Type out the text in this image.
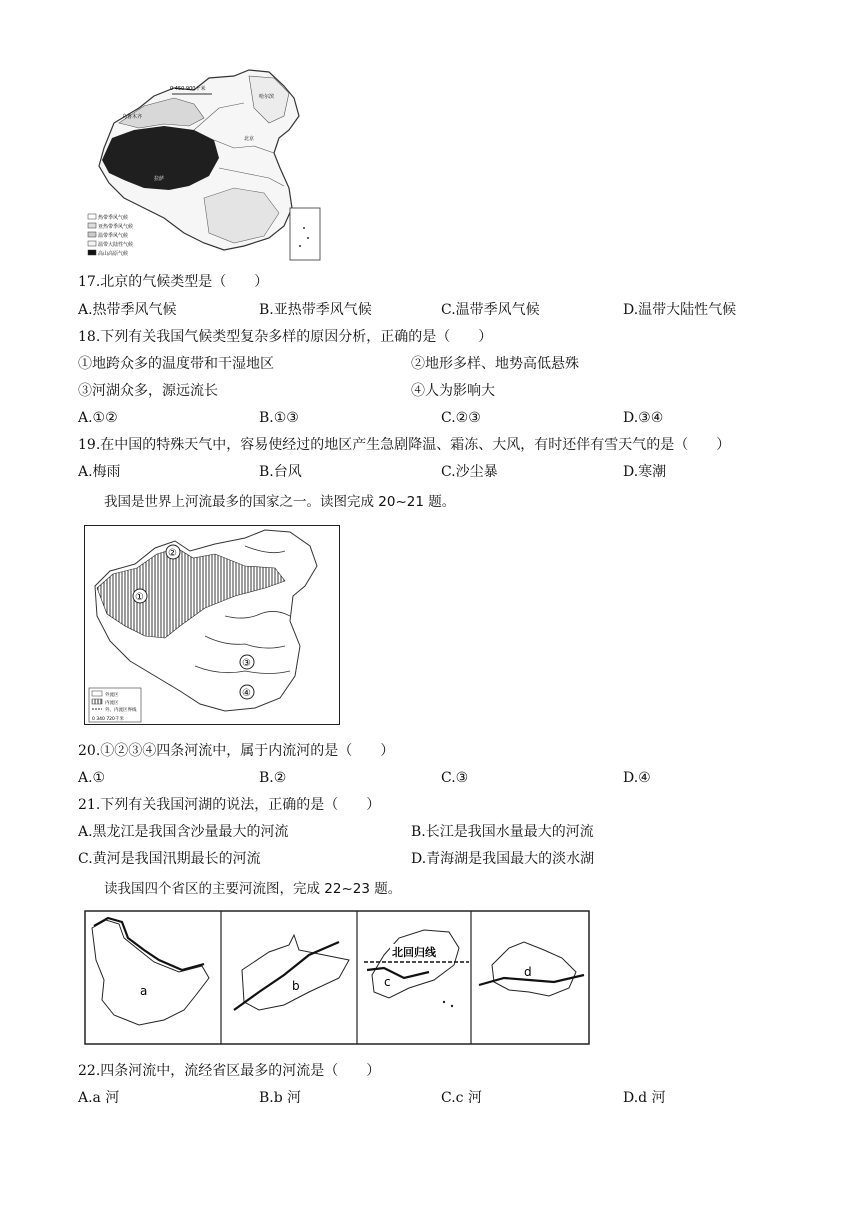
0 450 900千米
乌鲁木齐
哈尔滨
北京
拉萨
热带季风气候
亚热带季风气候
温带季风气候
温带大陆性气候
高山高原气候
17.北京的气候类型是（　　）
A.热带季风气候	B.亚热带季风气候	C.温带季风气候	D.温带大陆性气候
18.下列有关我国气候类型复杂多样的原因分析，正确的是（　　）
①地跨众多的温度带和干湿地区	②地形多样、地势高低悬殊
③河湖众多，源远流长	④人为影响大
A.①②	B.①③	C.②③	D.③④
19.在中国的特殊天气中，容易使经过的地区产生急剧降温、霜冻、大风，有时还伴有雪天气的是（　　）
A.梅雨	B.台风	C.沙尘暴	D.寒潮
我国是世界上河流最多的国家之一。读图完成 20~21 题。
①
②
③
④
外流区
内流区
外、内流区界线
0 340 720千米
20.①②③④四条河流中，属于内流河的是（　　）
A.①	B.②	C.③	D.④
21.下列有关我国河湖的说法，正确的是（　　）
A.黑龙江是我国含沙量最大的河流	B.长江是我国水量最大的河流
C.黄河是我国汛期最长的河流	D.青海湖是我国最大的淡水湖
读我国四个省区的主要河流图，完成 22~23 题。
a	b
北回归线
c
d
22.四条河流中，流经省区最多的河流是（　　）
A.a 河	B.b 河	C.c 河	D.d 河
